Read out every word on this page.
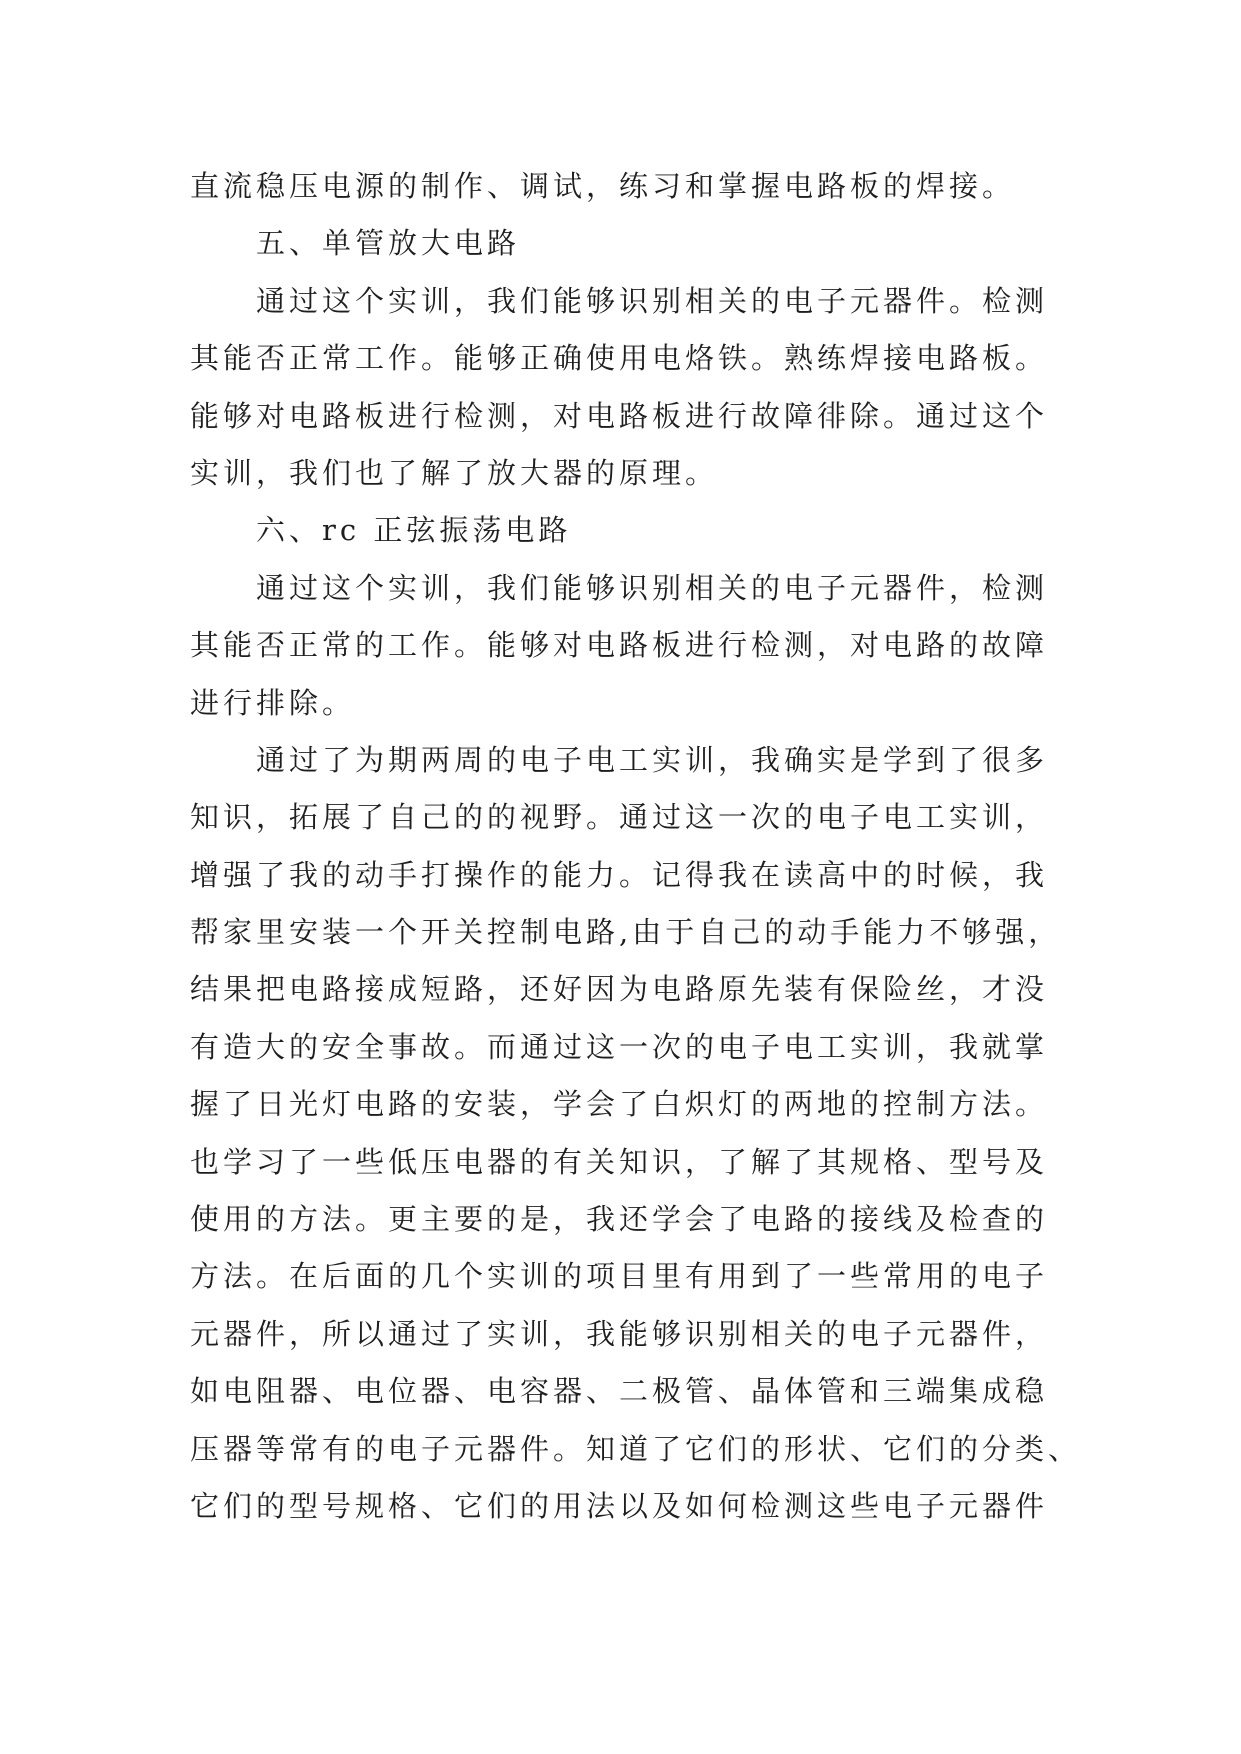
直流稳压电源的制作、调试，练习和掌握电路板的焊接。
五、单管放大电路
通过这个实训，我们能够识别相关的电子元器件。检测
其能否正常工作。能够正确使用电烙铁。熟练焊接电路板。
能够对电路板进行检测，对电路板进行故障徘除。通过这个
实训，我们也了解了放大器的原理。
六、rc 正弦振荡电路
通过这个实训，我们能够识别相关的电子元器件，检测
其能否正常的工作。能够对电路板进行检测，对电路的故障
进行排除。
通过了为期两周的电子电工实训，我确实是学到了很多
知识，拓展了自己的的视野。通过这一次的电子电工实训，
增强了我的动手打操作的能力。记得我在读高中的时候，我
帮家里安装一个开关控制电路,由于自己的动手能力不够强，
结果把电路接成短路，还好因为电路原先装有保险丝，才没
有造大的安全事故。而通过这一次的电子电工实训，我就掌
握了日光灯电路的安装，学会了白炽灯的两地的控制方法。
也学习了一些低压电器的有关知识，了解了其规格、型号及
使用的方法。更主要的是，我还学会了电路的接线及检查的
方法。在后面的几个实训的项目里有用到了一些常用的电子
元器件，所以通过了实训，我能够识别相关的电子元器件，
如电阻器、电位器、电容器、二极管、晶体管和三端集成稳
压器等常有的电子元器件。知道了它们的形状、它们的分类、
它们的型号规格、它们的用法以及如何检测这些电子元器件
